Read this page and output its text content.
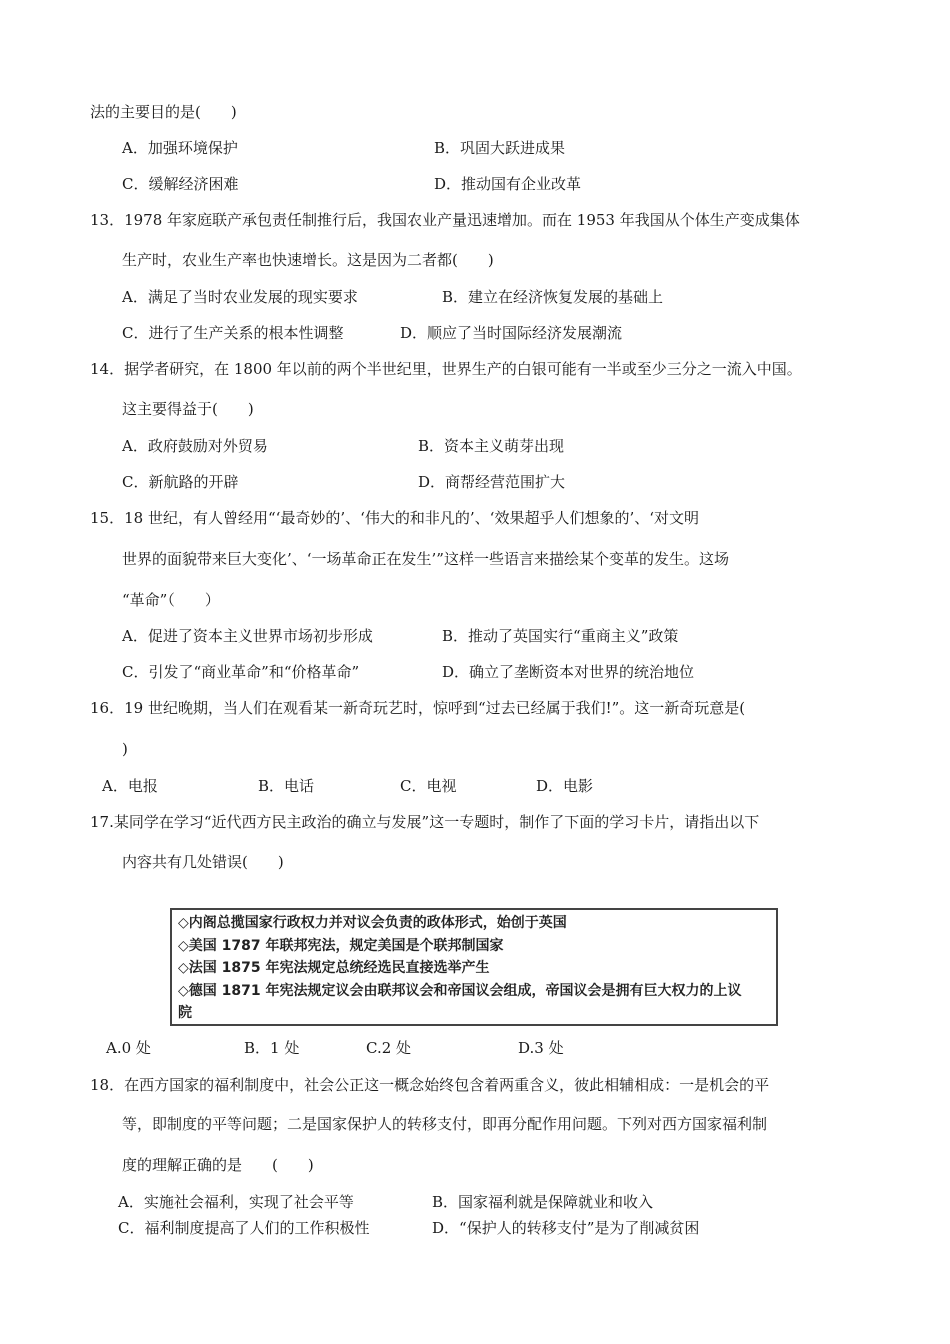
法的主要目的是(　　)
A．加强环境保护	B．巩固大跃进成果
C．缓解经济困难	D．推动国有企业改革
13．1978 年家庭联产承包责任制推行后，我国农业产量迅速增加。而在 1953 年我国从个体生产变成集体
生产时，农业生产率也快速增长。这是因为二者都(　　)
A．满足了当时农业发展的现实要求	B．建立在经济恢复发展的基础上
C．进行了生产关系的根本性调整	D．顺应了当时国际经济发展潮流
14．据学者研究，在 1800 年以前的两个半世纪里，世界生产的白银可能有一半或至少三分之一流入中国。
这主要得益于(　　)
A．政府鼓励对外贸易	B．资本主义萌芽出现
C．新航路的开辟	D．商帮经营范围扩大
15．18 世纪，有人曾经用“‘最奇妙的’、‘伟大的和非凡的’、‘效果超乎人们想象的’、‘对文明
世界的面貌带来巨大变化’、‘一场革命正在发生’”这样一些语言来描绘某个变革的发生。这场
“革命”（　　）
A．促进了资本主义世界市场初步形成	B．推动了英国实行“重商主义”政策
C．引发了“商业革命”和“价格革命”	D．确立了垄断资本对世界的统治地位
16．19 世纪晚期，当人们在观看某一新奇玩艺时，惊呼到“过去已经属于我们!”。这一新奇玩意是(
)
A．电报	B．电话	C．电视	D．电影
17.某同学在学习“近代西方民主政治的确立与发展”这一专题时，制作了下面的学习卡片，请指出以下
内容共有几处错误(　　)
◇内阁总揽国家行政权力并对议会负责的政体形式，始创于英国
◇美国 1787 年联邦宪法，规定美国是个联邦制国家
◇法国 1875 年宪法规定总统经选民直接选举产生
◇德国 1871 年宪法规定议会由联邦议会和帝国议会组成，帝国议会是拥有巨大权力的上议
院
A.0 处	B．1 处	C.2 处	D.3 处
18．在西方国家的福利制度中，社会公正这一概念始终包含着两重含义，彼此相辅相成：一是机会的平
等，即制度的平等问题；二是国家保护人的转移支付，即再分配作用问题。下列对西方国家福利制
度的理解正确的是　　(　　)
A．实施社会福利，实现了社会平等	B．国家福利就是保障就业和收入
C．福利制度提高了人们的工作积极性	D．“保护人的转移支付”是为了削减贫困
